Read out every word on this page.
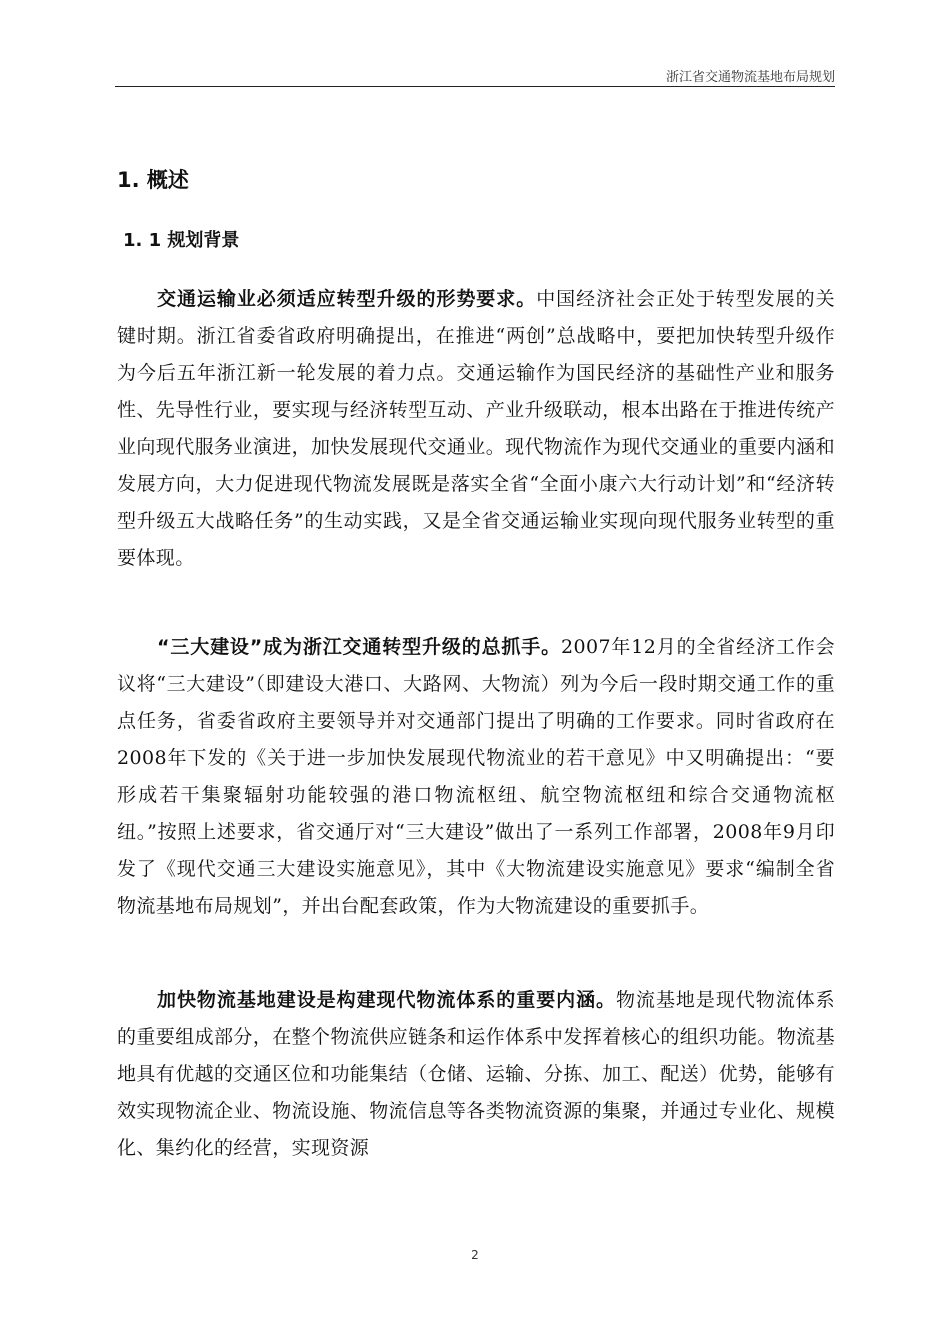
浙江省交通物流基地布局规划
1. 概述
1. 1 规划背景

交通运输业必须适应转型升级的形势要求。中国经济社会正处于转型发展的关键时期。浙江省委省政府明确提出，在推进“两创”总战略中，要把加快转型升级作为今后五年浙江新一轮发展的着力点。交通运输作为国民经济的基础性产业和服务性、先导性行业，要实现与经济转型互动、产业升级联动，根本出路在于推进传统产业向现代服务业演进，加快发展现代交通业。现代物流作为现代交通业的重要内涵和发展方向，大力促进现代物流发展既是落实全省“全面小康六大行动计划”和“经济转型升级五大战略任务”的生动实践，又是全省交通运输业实现向现代服务业转型的重要体现。

“三大建设”成为浙江交通转型升级的总抓手。2007年12月的全省经济工作会议将“三大建设”（即建设大港口、大路网、大物流）列为今后一段时期交通工作的重点任务，省委省政府主要领导并对交通部门提出了明确的工作要求。同时省政府在2008年下发的《关于进一步加快发展现代物流业的若干意见》中又明确提出：“要形成若干集聚辐射功能较强的港口物流枢纽、航空物流枢纽和综合交通物流枢纽。”按照上述要求，省交通厅对“三大建设”做出了一系列工作部署，2008年9月印发了《现代交通三大建设实施意见》，其中《大物流建设实施意见》要求“编制全省物流基地布局规划”，并出台配套政策，作为大物流建设的重要抓手。

加快物流基地建设是构建现代物流体系的重要内涵。物流基地是现代物流体系的重要组成部分，在整个物流供应链条和运作体系中发挥着核心的组织功能。物流基地具有优越的交通区位和功能集结（仓储、运输、分拣、加工、配送）优势，能够有效实现物流企业、物流设施、物流信息等各类物流资源的集聚，并通过专业化、规模化、集约化的经营，实现资源

2
